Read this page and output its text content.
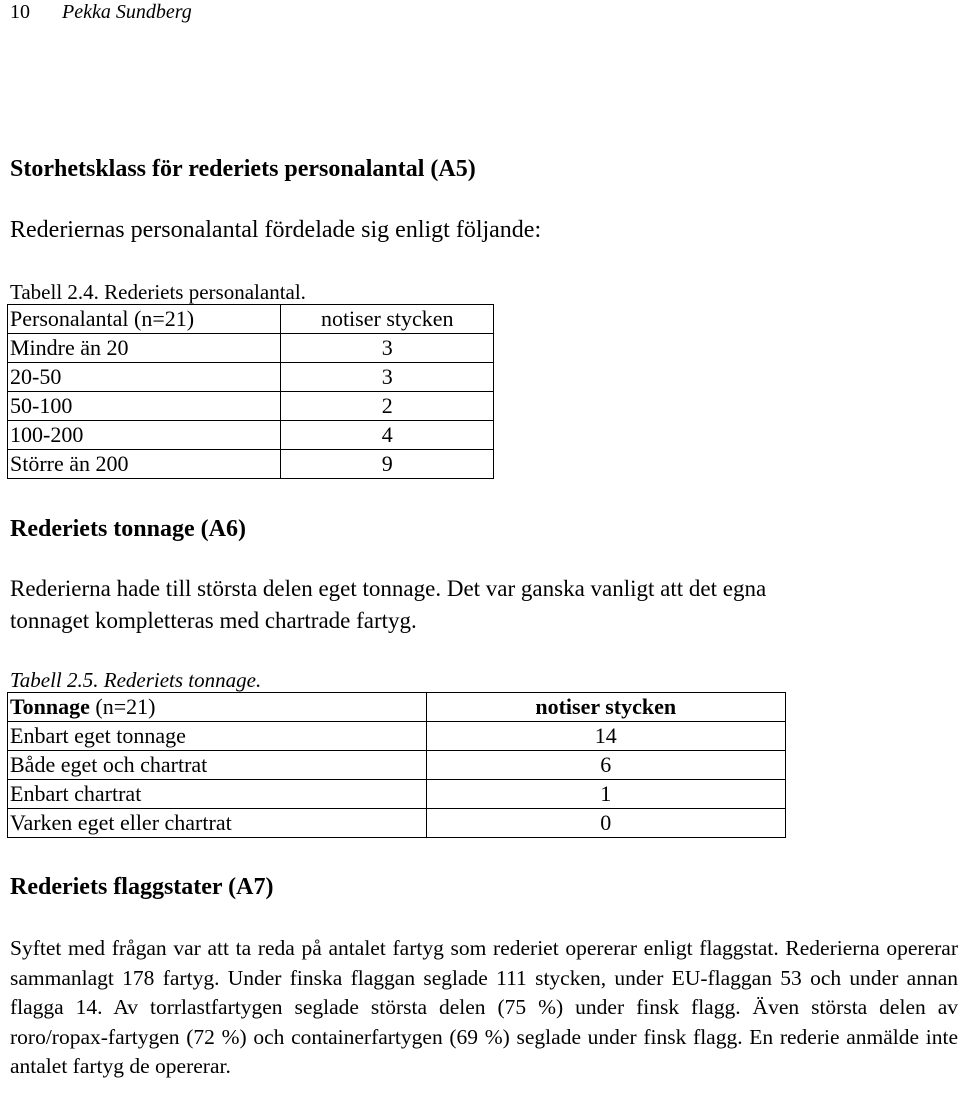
10 Pekka Sundberg
Storhetsklass för rederiets personalantal (A5)
Rederiernas personalantal fördelade sig enligt följande:
Tabell 2.4. Rederiets personalantal.
Personalantal (n=21)	notiser stycken
Mindre än 20	3
20-50	3
50-100	2
100-200	4
Större än 200	9
Rederiets tonnage (A6)
Rederierna hade till största delen eget tonnage. Det var ganska vanligt att det egna
tonnaget kompletteras med chartrade fartyg.
Tabell 2.5. Rederiets tonnage.
Tonnage (n=21)	notiser stycken
Enbart eget tonnage	14
Både eget och chartrat	6
Enbart chartrat	1
Varken eget eller chartrat	0
Rederiets flaggstater (A7)
Syftet med frågan var att ta reda på antalet fartyg som rederiet opererar enligt flaggstat. Rederierna opererar sammanlagt 178 fartyg. Under finska flaggan seglade 111 stycken, under EU-flaggan 53 och under annan flagga 14. Av torrlastfartygen seglade största delen (75 %) under finsk flagg. Även största delen av roro/ropax-fartygen (72 %) och containerfartygen (69 %) seglade under finsk flagg. En rederie anmälde inte antalet fartyg de opererar.
